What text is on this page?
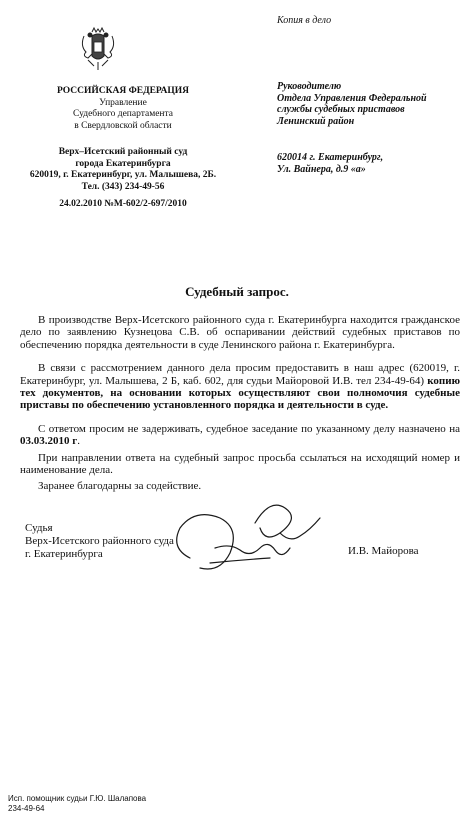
Копия в дело
РОССИЙСКАЯ ФЕДЕРАЦИЯ
Управление
Судебного департамента
в Свердловской области
Верх–Исетский районный суд
города Екатеринбурга
620019, г. Екатеринбург, ул. Малышева, 2Б.
Тел. (343) 234-49-56
24.02.2010 №М-602/2-697/2010
Руководителю
Отдела Управления Федеральной
службы судебных приставов
Ленинский район
620014 г. Екатеринбург,
Ул. Вайнера, д.9 «а»
Судебный запрос.

В производстве Верх-Исетского районного суда г. Екатеринбурга находится гражданское дело по заявлению Кузнецова С.В. об оспаривании действий судебных приставов по обеспечению порядка деятельности в суде Ленинского района г. Екатеринбурга.

В связи с рассмотрением данного дела просим предоставить в наш адрес (620019, г. Екатеринбург, ул. Малышева, 2 Б, каб. 602, для судьи Майоровой И.В. тел 234-49-64) копию тех документов, на основании которых осуществляют свои полномочия судебные приставы по обеспечению установленного порядка и деятельности в суде.

С ответом просим не задерживать, судебное заседание по указанному делу назначено на 03.03.2010 г.

При направлении ответа на судебный запрос просьба ссылаться на исходящий номер и наименование дела.

Заранее благодарны за содействие.

Судья
Верх-Исетского районного суда
г. Екатеринбурга	И.В. Майорова
Исп. помощник судьи Г.Ю. Шалапова
234-49-64
